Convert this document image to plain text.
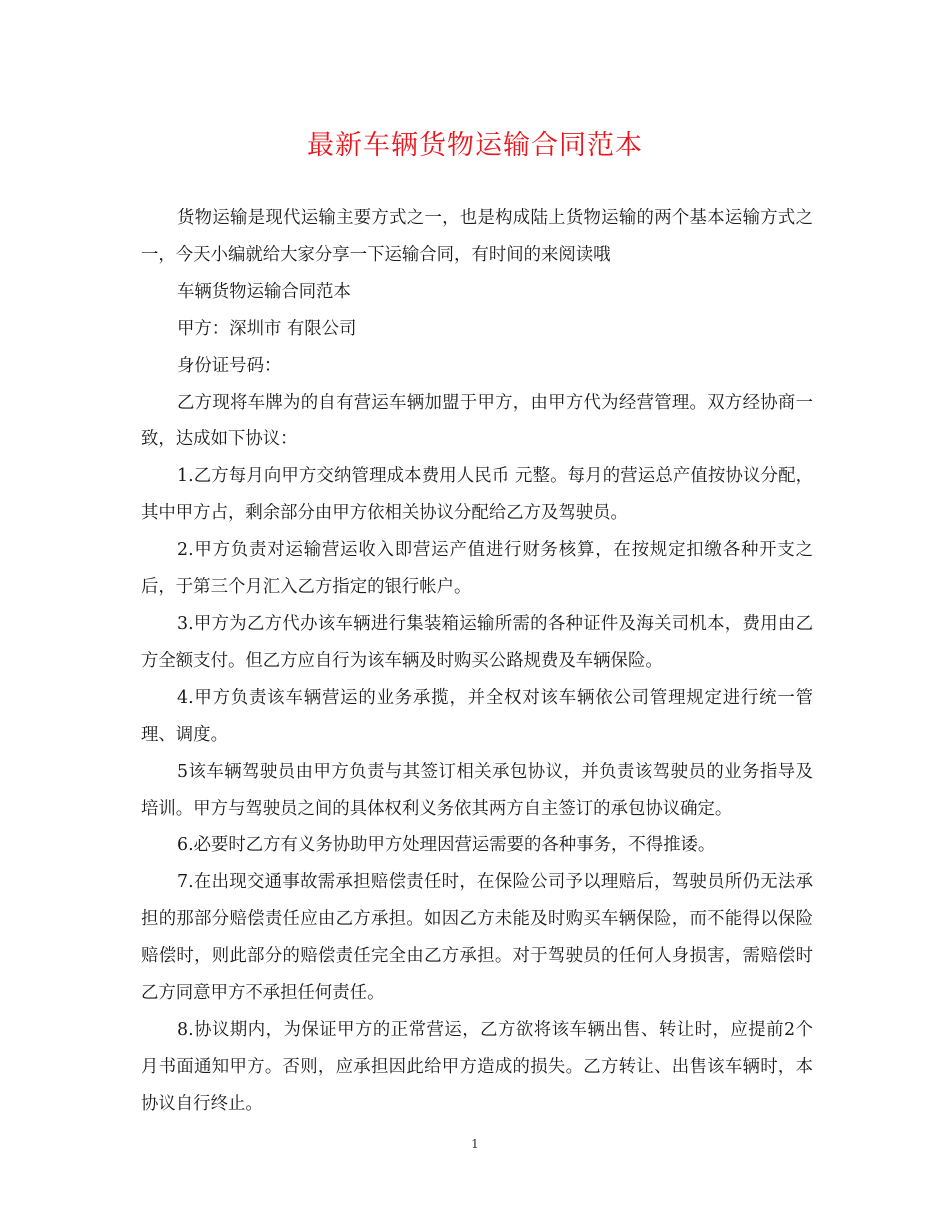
最新车辆货物运输合同范本

货物运输是现代运输主要方式之一，也是构成陆上货物运输的两个基本运输方式之一，今天小编就给大家分享一下运输合同，有时间的来阅读哦

车辆货物运输合同范本

甲方：深圳市 有限公司

身份证号码：

乙方现将车牌为的自有营运车辆加盟于甲方，由甲方代为经营管理。双方经协商一致，达成如下协议：

1.乙方每月向甲方交纳管理成本费用人民币 元整。每月的营运总产值按协议分配，其中甲方占，剩余部分由甲方依相关协议分配给乙方及驾驶员。

2.甲方负责对运输营运收入即营运产值进行财务核算，在按规定扣缴各种开支之后，于第三个月汇入乙方指定的银行帐户。

3.甲方为乙方代办该车辆进行集装箱运输所需的各种证件及海关司机本，费用由乙方全额支付。但乙方应自行为该车辆及时购买公路规费及车辆保险。

4.甲方负责该车辆营运的业务承揽，并全权对该车辆依公司管理规定进行统一管理、调度。

5该车辆驾驶员由甲方负责与其签订相关承包协议，并负责该驾驶员的业务指导及培训。甲方与驾驶员之间的具体权利义务依其两方自主签订的承包协议确定。

6.必要时乙方有义务协助甲方处理因营运需要的各种事务，不得推诿。

7.在出现交通事故需承担赔偿责任时，在保险公司予以理赔后，驾驶员所仍无法承担的那部分赔偿责任应由乙方承担。如因乙方未能及时购买车辆保险，而不能得以保险赔偿时，则此部分的赔偿责任完全由乙方承担。对于驾驶员的任何人身损害，需赔偿时乙方同意甲方不承担任何责任。

8.协议期内，为保证甲方的正常营运，乙方欲将该车辆出售、转让时，应提前2个月书面通知甲方。否则，应承担因此给甲方造成的损失。乙方转让、出售该车辆时，本协议自行终止。

1
